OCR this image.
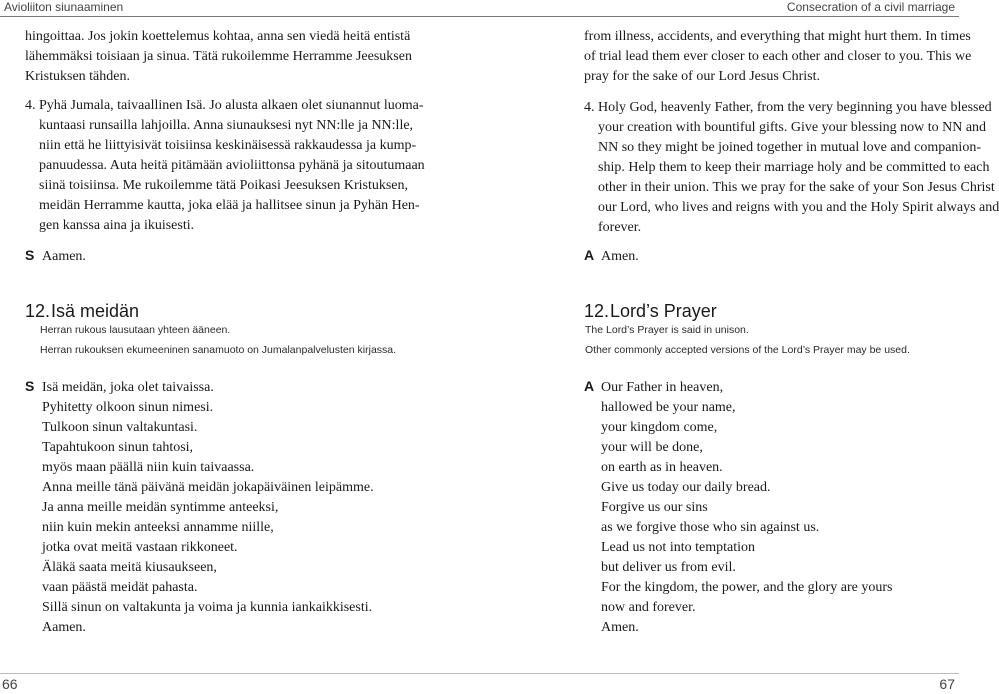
Avioliiton siunaaminen
hingoittaa. Jos jokin koettelemus kohtaa, anna sen viedä heitä entistä
lähemmäksi toisiaan ja sinua. Tätä rukoilemme Herramme Jeesuksen
Kristuksen tähden.
4. Pyhä Jumala, taivaallinen Isä. Jo alusta alkaen olet siunannut luoma-
kuntaasi runsailla lahjoilla. Anna siunauksesi nyt NN:lle ja NN:lle,
niin että he liittyisivät toisiinsa keskinäisessä rakkaudessa ja kump-
panuudessa. Auta heitä pitämään avioliittonsa pyhänä ja sitoutumaan
siinä toisiinsa. Me rukoilemme tätä Poikasi Jeesuksen Kristuksen,
meidän Herramme kautta, joka elää ja hallitsee sinun ja Pyhän Hen-
gen kanssa aina ja ikuisesti.
S Aamen.
12.Isä meidän
Herran rukous lausutaan yhteen ääneen.
Herran rukouksen ekumeeninen sanamuoto on Jumalanpalvelusten kirjassa.
S Isä meidän, joka olet taivaissa.
Pyhitetty olkoon sinun nimesi.
Tulkoon sinun valtakuntasi.
Tapahtukoon sinun tahtosi,
myös maan päällä niin kuin taivaassa.
Anna meille tänä päivänä meidän jokapäiväinen leipämme.
Ja anna meille meidän syntimme anteeksi,
niin kuin mekin anteeksi annamme niille,
jotka ovat meitä vastaan rikkoneet.
Äläkä saata meitä kiusaukseen,
vaan päästä meidät pahasta.
Sillä sinun on valtakunta ja voima ja kunnia iankaikkisesti.
Aamen.
66
Consecration of a civil marriage
from illness, accidents, and everything that might hurt them. In times
of trial lead them ever closer to each other and closer to you. This we
pray for the sake of our Lord Jesus Christ.
4. Holy God, heavenly Father, from the very beginning you have blessed
your creation with bountiful gifts. Give your blessing now to NN and
NN so they might be joined together in mutual love and companion-
ship. Help them to keep their marriage holy and be committed to each
other in their union. This we pray for the sake of your Son Jesus Christ
our Lord, who lives and reigns with you and the Holy Spirit always and
forever.
A Amen.
12.Lord’s Prayer
The Lord’s Prayer is said in unison.
Other commonly accepted versions of the Lord’s Prayer may be used.
A Our Father in heaven,
hallowed be your name,
your kingdom come,
your will be done,
on earth as in heaven.
Give us today our daily bread.
Forgive us our sins
as we forgive those who sin against us.
Lead us not into temptation
but deliver us from evil.
For the kingdom, the power, and the glory are yours
now and forever.
Amen.
67
